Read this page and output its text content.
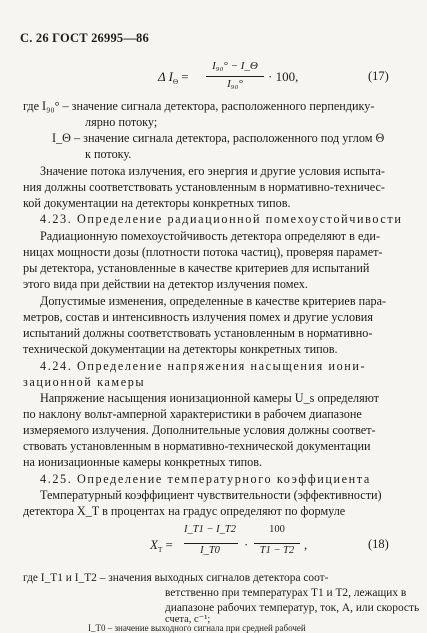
С. 26 ГОСТ 26995—86
Δ $I_\Theta$ =
I₉₀° − I_Θ
I₉₀°	· 100,	(17)
где I₉₀° – значение сигнала детектора, расположенного перпендику-
лярно потоку;
I_Θ – значение сигнала детектора, расположенного под углом Θ
к потоку.
Значение потока излучения, его энергия и другие условия испыта-
ния должны соответствовать установленным в нормативно-техничес-
кой документации на детекторы конкретных типов.
4.23. Определение радиационной помехоустойчивости
Радиационную помехоустойчивость детектора определяют в еди-
ницах мощности дозы (плотности потока частиц), проверяя парамет-
ры детектора, установленные в качестве критериев для испытаний
этого вида при действии на детектор излучения помех.
Допустимые изменения, определенные в качестве критериев пара-
метров, состав и интенсивность излучения помех и другие условия
испытаний должны соответствовать установленным в нормативно-
технической документации на детекторы конкретных типов.
4.24. Определение напряжения насыщения иони-
зационной камеры
Напряжение насыщения ионизационной камеры U_s определяют
по наклону вольт-амперной характеристики в рабочем диапазоне
измеряемого излучения. Дополнительные условия должны соответ-
ствовать установленным в нормативно-технической документации
на ионизационные камеры конкретных типов.
4.25. Определение температурного коэффициента
Температурный коэффициент чувствительности (эффективности)
детектора X_T в процентах на градус определяют по формуле
$X_T$ =
I_T1 − I_T2
I_T0	·
100
T1 − T2 ,	(18)
где I_T1 и I_T2 – значения выходных сигналов детектора соот-
ветственно при температурах T1 и T2, лежащих в
диапазоне рабочих температур, ток, А, или скорость
счета, с⁻¹;
I_T0 – значение выходного сигнала при средней рабочей
